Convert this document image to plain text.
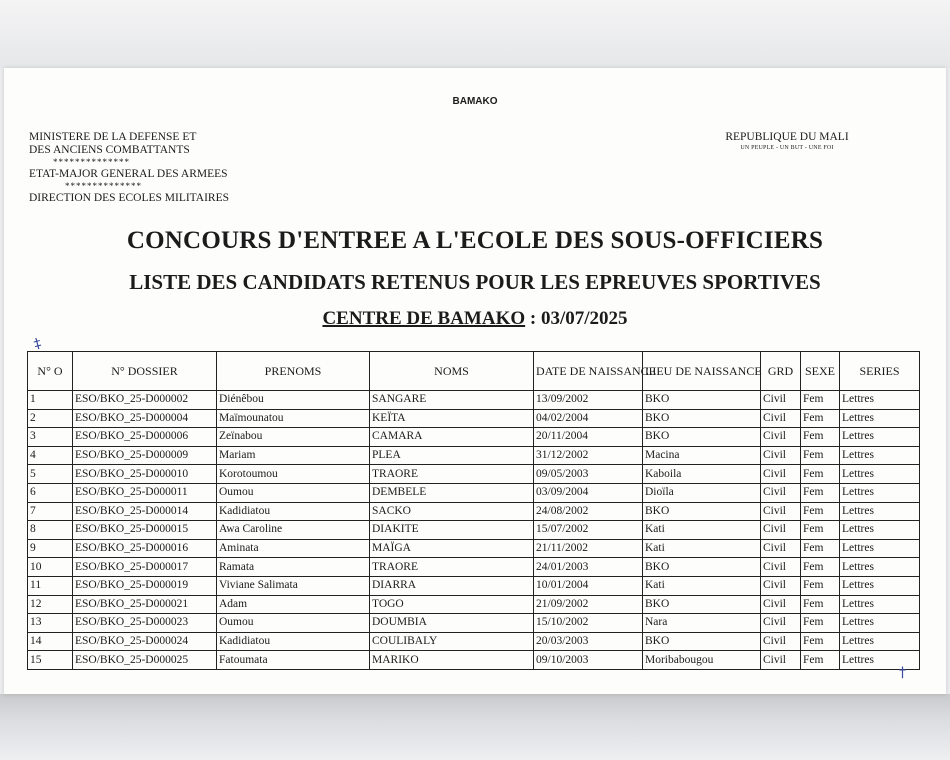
BAMAKO
MINISTERE DE LA DEFENSE ET
DES ANCIENS COMBATTANTS
**************
ETAT-MAJOR GENERAL DES ARMEES
**************
DIRECTION DES ECOLES MILITAIRES
REPUBLIQUE DU MALI
UN PEUPLE - UN BUT - UNE FOI
CONCOURS D'ENTREE A L'ECOLE DES SOUS-OFFICIERS
LISTE DES CANDIDATS RETENUS POUR LES EPREUVES SPORTIVES
CENTRE DE BAMAKO : 03/07/2025
‡
N° O	N° DOSSIER	PRENOMS	NOMS	DATE DE NAISSANCE	LIEU DE NAISSANCE	GRD	SEXE	SERIES
1	ESO/BKO_25-D000002	Diénêbou	SANGARE	13/09/2002	BKO	Civil	Fem	Lettres
2	ESO/BKO_25-D000004	Maïmounatou	KEÏTA	04/02/2004	BKO	Civil	Fem	Lettres
3	ESO/BKO_25-D000006	Zeïnabou	CAMARA	20/11/2004	BKO	Civil	Fem	Lettres
4	ESO/BKO_25-D000009	Mariam	PLEA	31/12/2002	Macina	Civil	Fem	Lettres
5	ESO/BKO_25-D000010	Korotoumou	TRAORE	09/05/2003	Kaboila	Civil	Fem	Lettres
6	ESO/BKO_25-D000011	Oumou	DEMBELE	03/09/2004	Dioïla	Civil	Fem	Lettres
7	ESO/BKO_25-D000014	Kadidiatou	SACKO	24/08/2002	BKO	Civil	Fem	Lettres
8	ESO/BKO_25-D000015	Awa Caroline	DIAKITE	15/07/2002	Kati	Civil	Fem	Lettres
9	ESO/BKO_25-D000016	Aminata	MAÏGA	21/11/2002	Kati	Civil	Fem	Lettres
10	ESO/BKO_25-D000017	Ramata	TRAORE	24/01/2003	BKO	Civil	Fem	Lettres
11	ESO/BKO_25-D000019	Viviane Salimata	DIARRA	10/01/2004	Kati	Civil	Fem	Lettres
12	ESO/BKO_25-D000021	Adam	TOGO	21/09/2002	BKO	Civil	Fem	Lettres
13	ESO/BKO_25-D000023	Oumou	DOUMBIA	15/10/2002	Nara	Civil	Fem	Lettres
14	ESO/BKO_25-D000024	Kadidiatou	COULIBALY	20/03/2003	BKO	Civil	Fem	Lettres
15	ESO/BKO_25-D000025	Fatoumata	MARIKO	09/10/2003	Moribabougou	Civil	Fem	Lettres
†
